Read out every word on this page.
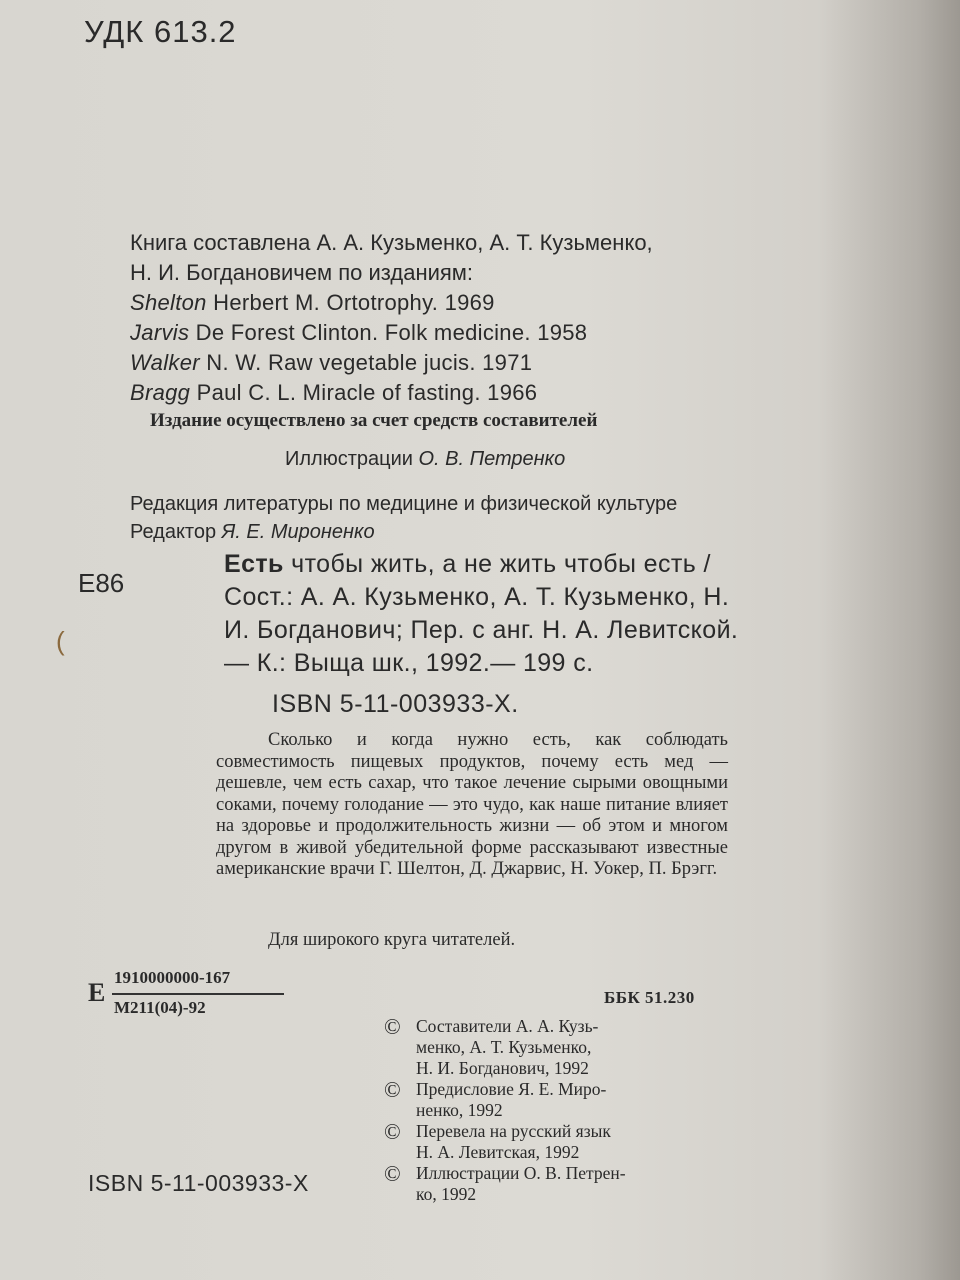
УДК 613.2
Книга составлена А. А. Кузьменко, А. Т. Кузьменко,
Н. И. Богдановичем по изданиям:
Shelton Herbert M. Ortotrophy. 1969
Jarvis De Forest Clinton. Folk medicine. 1958
Walker N. W. Raw vegetable jucis. 1971
Bragg Paul C. L. Miracle of fasting. 1966
Издание осуществлено за счет средств составителей
Иллюстрации О. В. Петренко
Редакция литературы по медицине и физической культуре
Редактор Я. Е. Мироненко
Е86
(
Есть чтобы жить, а не жить чтобы есть / Сост.: А. А. Кузьменко, А. Т. Кузьменко, Н. И. Богданович; Пер. с анг. Н. А. Левитской.— К.: Выща шк., 1992.— 199 с.
ISBN 5-11-003933-X.
Сколько и когда нужно есть, как соблюдать совместимость пищевых продуктов, почему есть мед — дешевле, чем есть сахар, что такое лечение сырыми овощными соками, почему голодание — это чудо, как наше питание влияет на здоровье и продолжительность жизни — об этом и многом другом в живой убедительной форме рассказывают известные американские врачи Г. Шелтон, Д. Джарвис, Н. Уокер, П. Брэгг.
Для широкого круга читателей.
Е
1910000000-167
М211(04)-92
ББК 51.230
© Составители А. А. Кузь-
менко, А. Т. Кузьменко,
Н. И. Богданович, 1992
© Предисловие Я. Е. Миро-
ненко, 1992
© Перевела на русский язык
Н. А. Левитская, 1992
© Иллюстрации О. В. Петрен-
ко, 1992
ISBN 5-11-003933-X
